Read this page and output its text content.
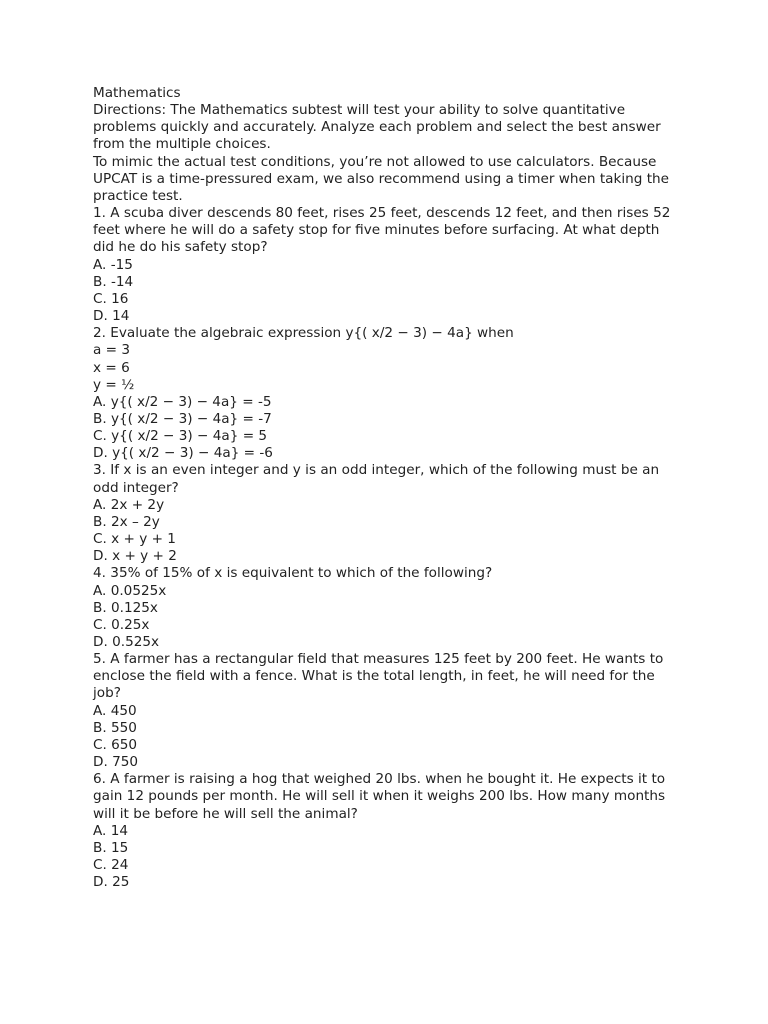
Mathematics
Directions: The Mathematics subtest will test your ability to solve quantitative problems quickly and accurately. Analyze each problem and select the best answer from the multiple choices.
To mimic the actual test conditions, you’re not allowed to use calculators. Because UPCAT is a time-pressured exam, we also recommend using a timer when taking the practice test.
1. A scuba diver descends 80 feet, rises 25 feet, descends 12 feet, and then rises 52 feet where he will do a safety stop for five minutes before surfacing. At what depth did he do his safety stop?
A. -15
B. -14
C. 16
D. 14
2. Evaluate the algebraic expression y{( x/2 − 3) − 4a} when
a = 3
x = 6
y = ½
A. y{( x/2 − 3) − 4a} = -5
B. y{( x/2 − 3) − 4a} = -7
C. y{( x/2 − 3) − 4a} = 5
D. y{( x/2 − 3) − 4a} = -6
3. If x is an even integer and y is an odd integer, which of the following must be an odd integer?
A. 2x + 2y
B. 2x – 2y
C. x + y + 1
D. x + y + 2
4. 35% of 15% of x is equivalent to which of the following?
A. 0.0525x
B. 0.125x
C. 0.25x
D. 0.525x
5. A farmer has a rectangular field that measures 125 feet by 200 feet. He wants to enclose the field with a fence. What is the total length, in feet, he will need for the job?
A. 450
B. 550
C. 650
D. 750
6. A farmer is raising a hog that weighed 20 lbs. when he bought it. He expects it to gain 12 pounds per month. He will sell it when it weighs 200 lbs. How many months will it be before he will sell the animal?
A. 14
B. 15
C. 24
D. 25
